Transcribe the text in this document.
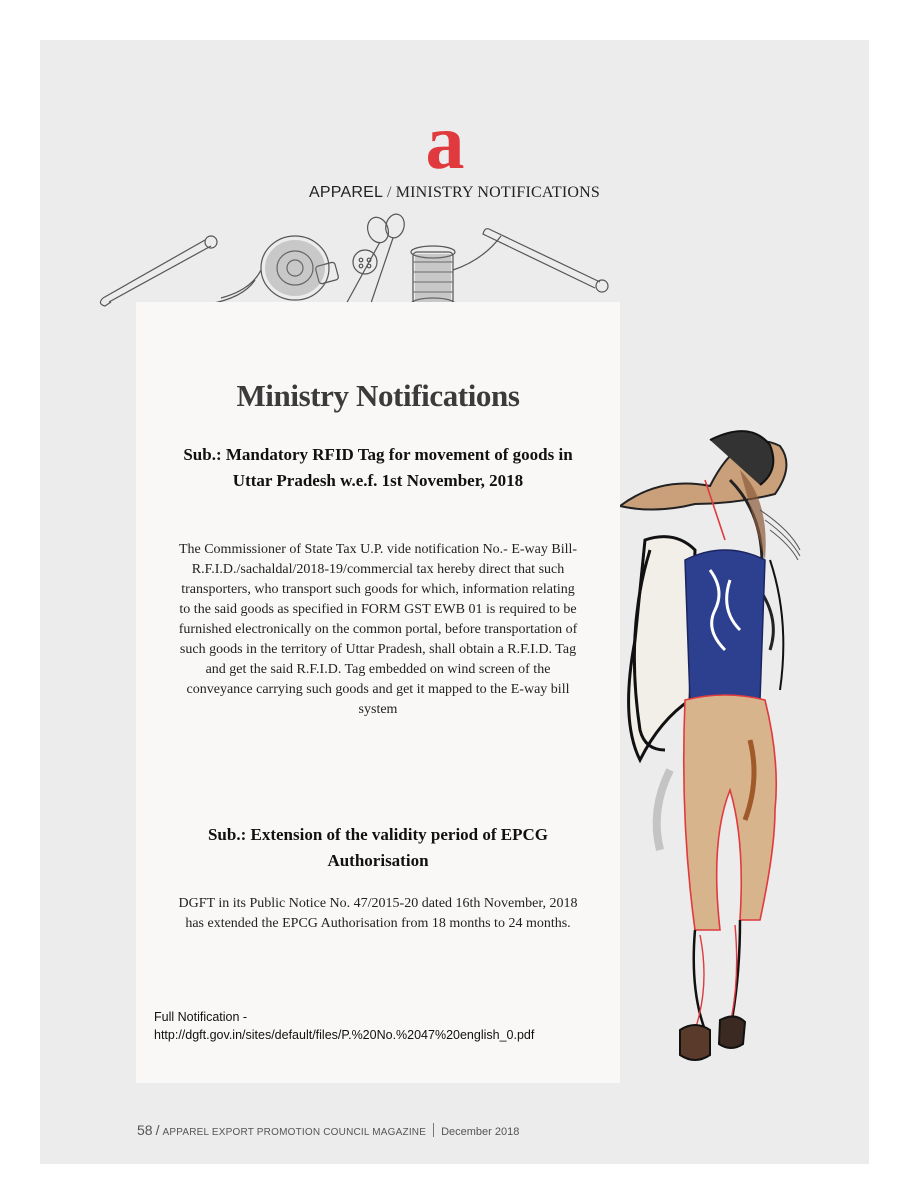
a
APPAREL / MINISTRY NOTIFICATIONS
Ministry Notifications
Sub.: Mandatory RFID Tag for movement of goods in Uttar Pradesh w.e.f. 1st November, 2018
The Commissioner of State Tax U.P. vide notification No.- E-way Bill- R.F.I.D./sachaldal/2018-19/commercial tax hereby direct that such transporters, who transport such goods for which, information relating to the said goods as specified in FORM GST EWB 01 is required to be furnished electronically on the common portal, before transportation of such goods in the territory of Uttar Pradesh, shall obtain a R.F.I.D. Tag and get the said R.F.I.D. Tag embedded on wind screen of the conveyance carrying such goods and get it mapped to the E-way bill system
Sub.: Extension of the validity period of EPCG Authorisation
DGFT in its Public Notice No. 47/2015-20 dated 16th November, 2018 has extended the EPCG Authorisation from 18 months to 24 months.
Full Notification -
http://dgft.gov.in/sites/default/files/P.%20No.%2047%20english_0.pdf
58 / APPAREL EXPORT PROMOTION COUNCIL MAGAZINE December 2018
